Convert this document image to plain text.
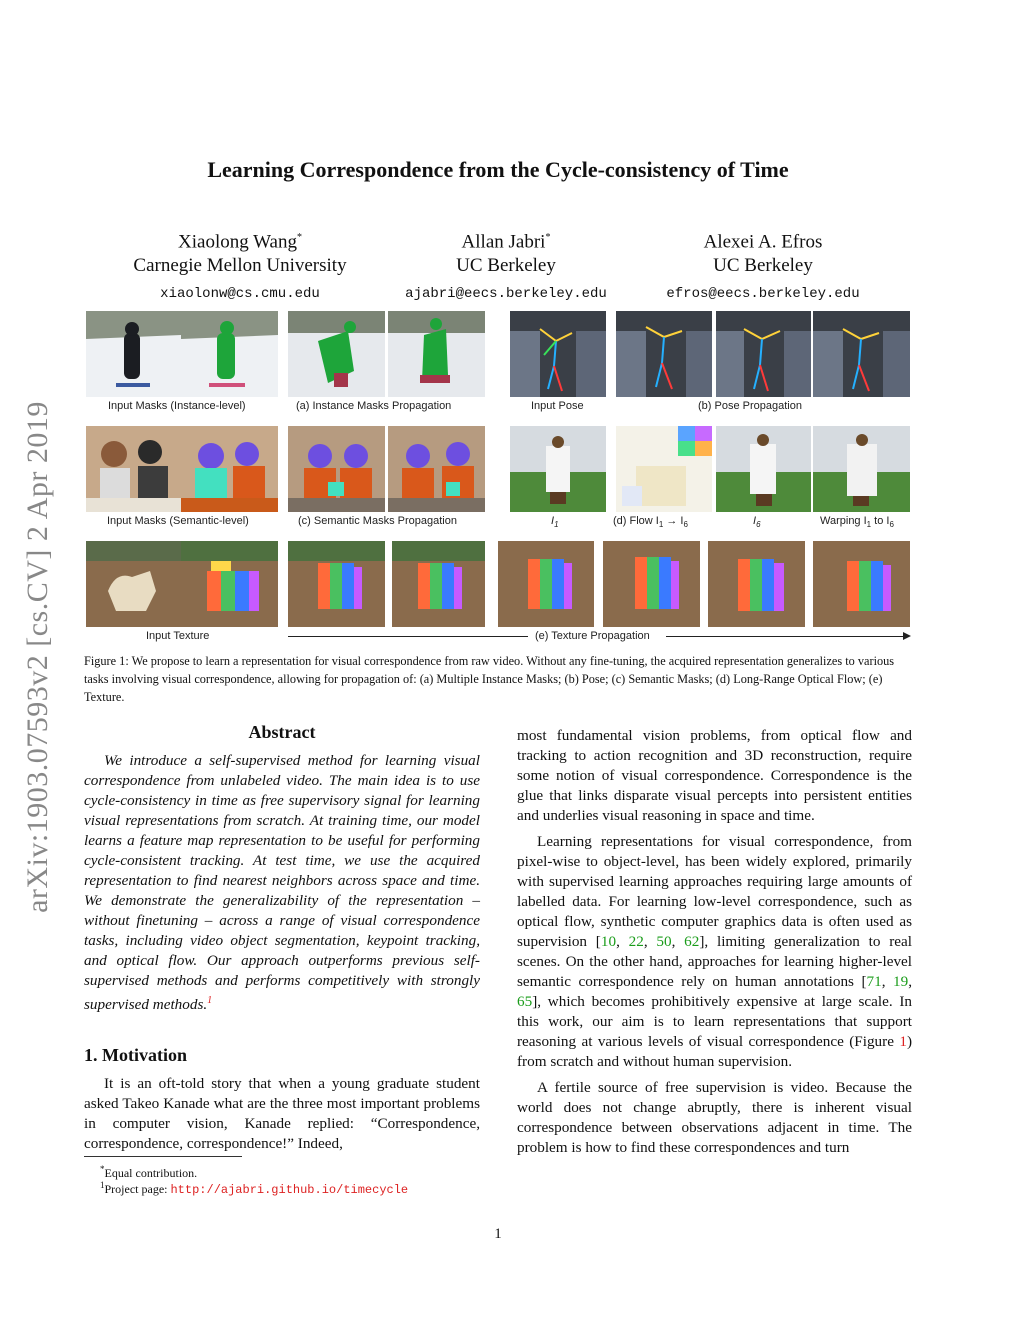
Learning Correspondence from the Cycle-consistency of Time
Xiaolong Wang*
Carnegie Mellon University
xiaolonw@cs.cmu.edu
Allan Jabri*
UC Berkeley
ajabri@eecs.berkeley.edu
Alexei A. Efros
UC Berkeley
efros@eecs.berkeley.edu
arXiv:1903.07593v2 [cs.CV] 2 Apr 2019	Input Masks (Instance-level)	(a) Instance Masks Propagation	Input Pose	(b) Pose Propagation
Input Masks (Semantic-level)	(c) Semantic Masks Propagation	$I_1$	(d) Flow $I_1 \to I_6$	$I_6$	Warping $I_1$ to $I_6$
Input Texture	(e) Texture Propagation
Figure 1: We propose to learn a representation for visual correspondence from raw video. Without any fine-tuning, the acquired representation generalizes to various tasks involving visual correspondence, allowing for propagation of: (a) Multiple Instance Masks; (b) Pose; (c) Semantic Masks; (d) Long-Range Optical Flow; (e) Texture.
Abstract

We introduce a self-supervised method for learning visual correspondence from unlabeled video. The main idea is to use cycle-consistency in time as free supervisory signal for learning visual representations from scratch. At training time, our model learns a feature map representation to be useful for performing cycle-consistent tracking. At test time, we use the acquired representation to find nearest neighbors across space and time. We demonstrate the generalizability of the representation – without finetuning – across a range of visual correspondence tasks, including video object segmentation, keypoint tracking, and optical flow. Our approach outperforms previous self-supervised methods and performs competitively with strongly supervised methods.$^1$

1. Motivation

It is an oft-told story that when a young graduate student asked Takeo Kanade what are the three most important problems in computer vision, Kanade replied: “Correspondence, correspondence, correspondence!” Indeed,

*Equal contribution.
$^1$Project page: http://ajabri.github.io/timecycle

most fundamental vision problems, from optical flow and tracking to action recognition and 3D reconstruction, require some notion of visual correspondence. Correspondence is the glue that links disparate visual percepts into persistent entities and underlies visual reasoning in space and time.

Learning representations for visual correspondence, from pixel-wise to object-level, has been widely explored, primarily with supervised learning approaches requiring large amounts of labelled data. For learning low-level correspondence, such as optical flow, synthetic computer graphics data is often used as supervision [10, 22, 50, 62], limiting generalization to real scenes. On the other hand, approaches for learning higher-level semantic correspondence rely on human annotations [71, 19, 65], which becomes prohibitively expensive at large scale. In this work, our aim is to learn representations that support reasoning at various levels of visual correspondence (Figure 1) from scratch and without human supervision.

A fertile source of free supervision is video. Because the world does not change abruptly, there is inherent visual correspondence between observations adjacent in time. The problem is how to find these correspondences and turn

1
